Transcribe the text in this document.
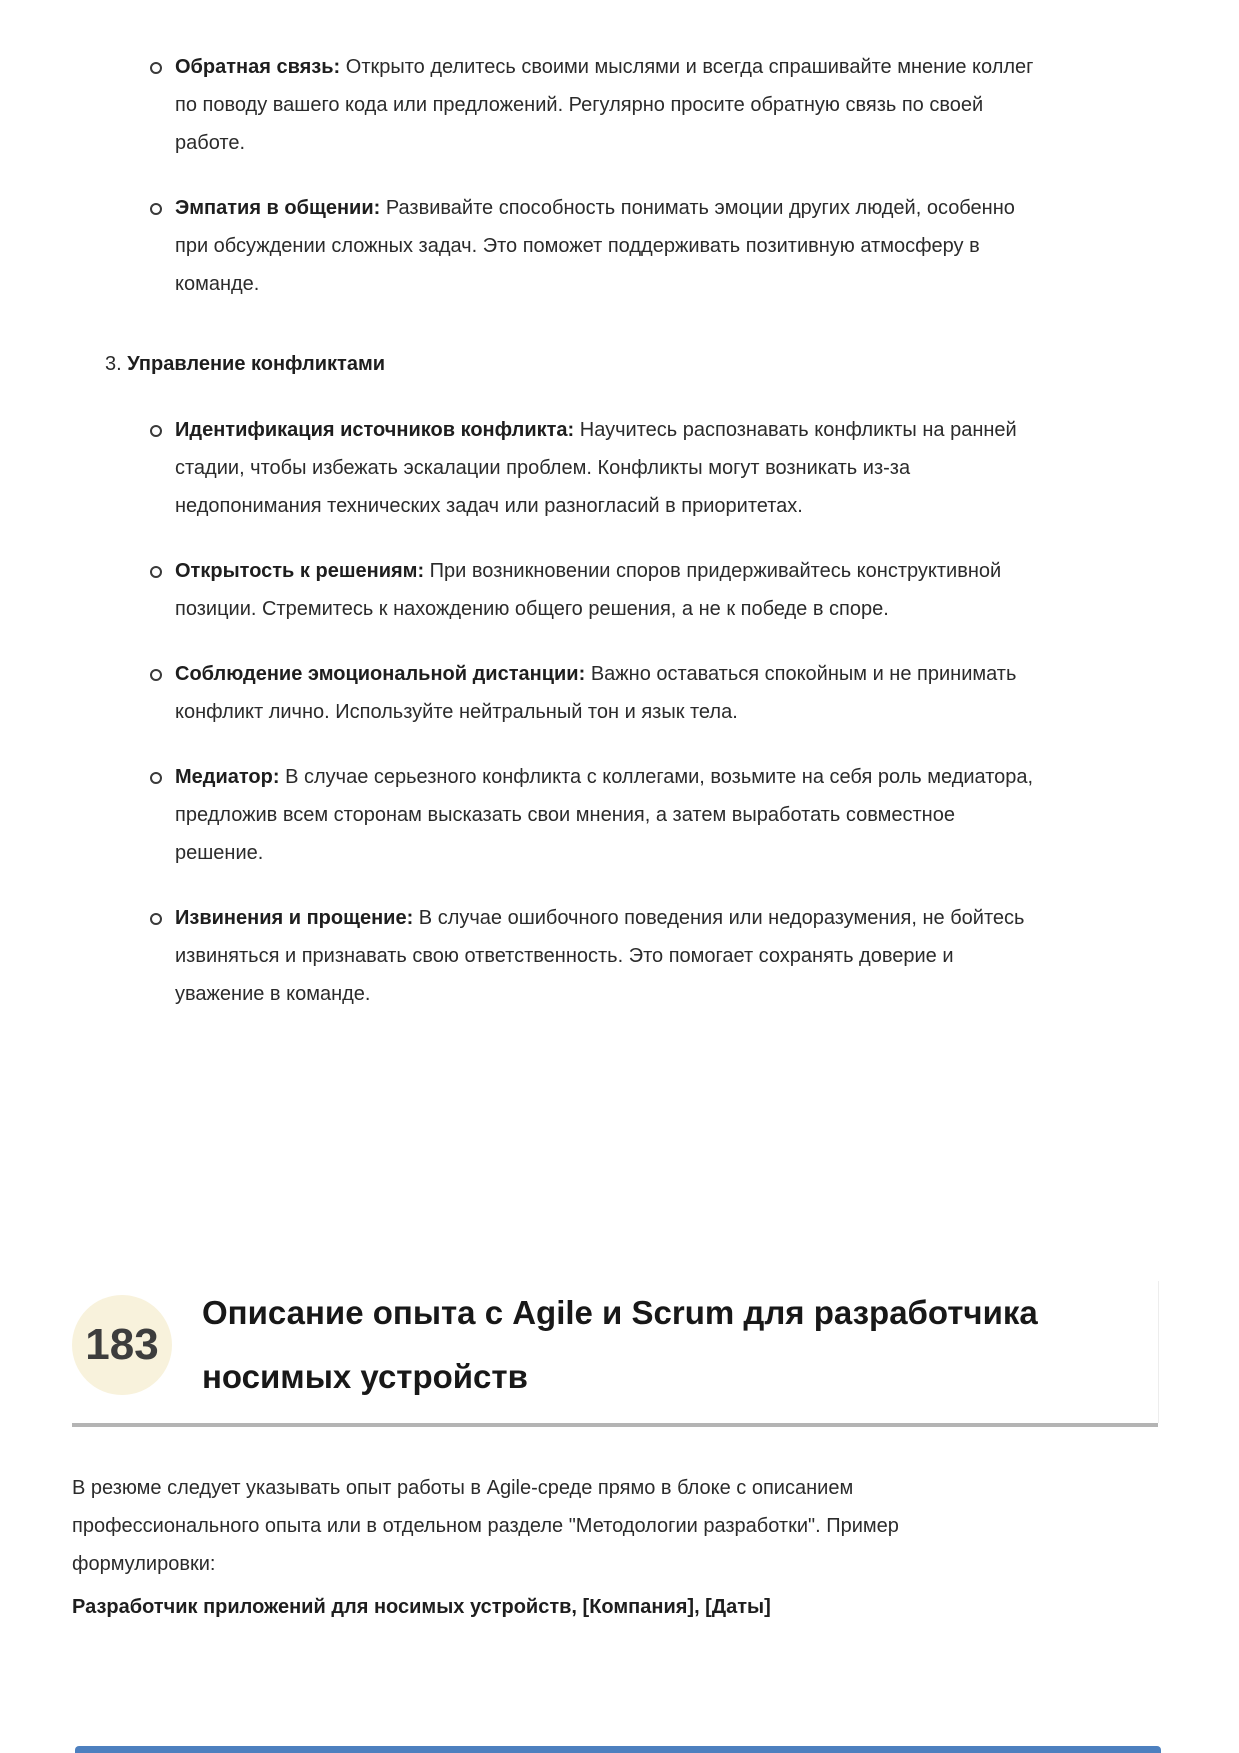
Обратная связь: Открыто делитесь своими мыслями и всегда спрашивайте мнение коллег по поводу вашего кода или предложений. Регулярно просите обратную связь по своей работе.
Эмпатия в общении: Развивайте способность понимать эмоции других людей, особенно при обсуждении сложных задач. Это поможет поддерживать позитивную атмосферу в команде.
3. Управление конфликтами
Идентификация источников конфликта: Научитесь распознавать конфликты на ранней стадии, чтобы избежать эскалации проблем. Конфликты могут возникать из-за недопонимания технических задач или разногласий в приоритетах.
Открытость к решениям: При возникновении споров придерживайтесь конструктивной позиции. Стремитесь к нахождению общего решения, а не к победе в споре.
Соблюдение эмоциональной дистанции: Важно оставаться спокойным и не принимать конфликт лично. Используйте нейтральный тон и язык тела.
Медиатор: В случае серьезного конфликта с коллегами, возьмите на себя роль медиатора, предложив всем сторонам высказать свои мнения, а затем выработать совместное решение.
Извинения и прощение: В случае ошибочного поведения или недоразумения, не бойтесь извиняться и признавать свою ответственность. Это помогает сохранять доверие и уважение в команде.
183
Описание опыта с Agile и Scrum для разработчика носимых устройств
В резюме следует указывать опыт работы в Agile-среде прямо в блоке с описанием профессионального опыта или в отдельном разделе "Методологии разработки". Пример формулировки:
Разработчик приложений для носимых устройств, [Компания], [Даты]
